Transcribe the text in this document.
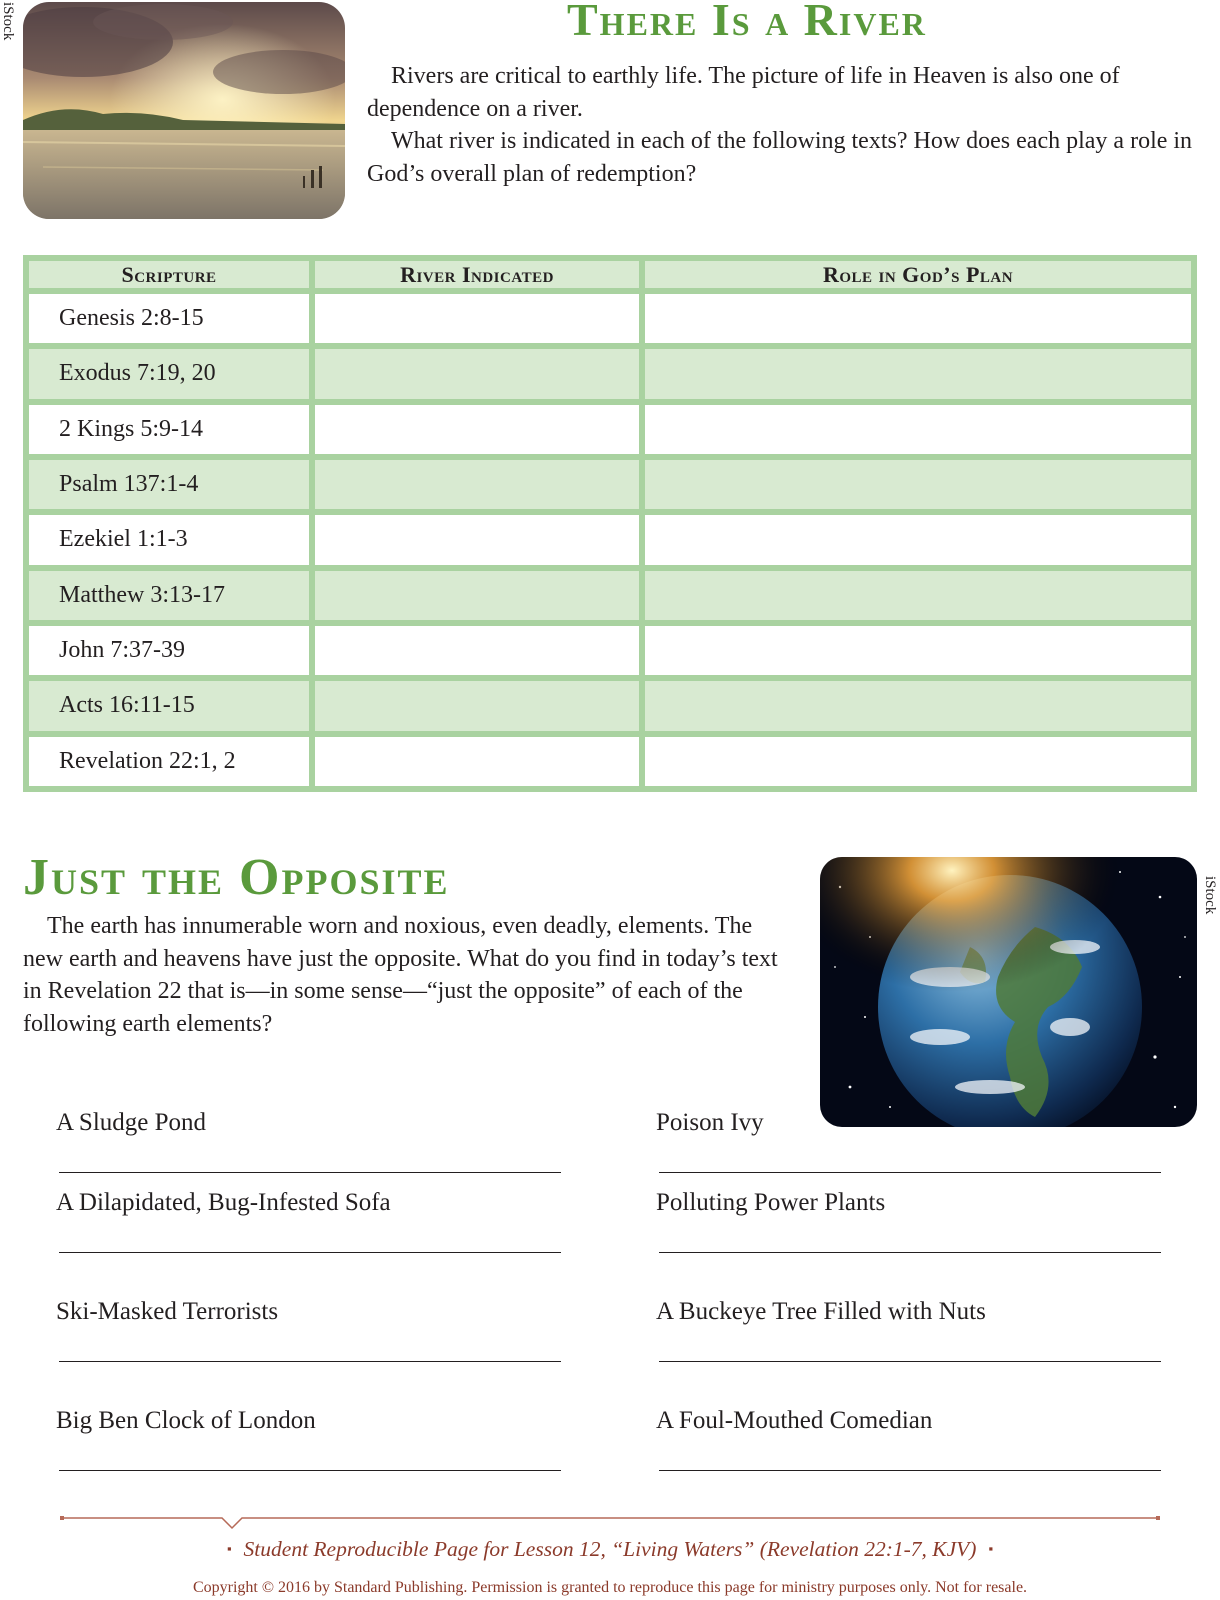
iStock	There Is a River

Rivers are critical to earthly life. The picture of life in Heaven is also one of dependence on a river.

What river is indicated in each of the following texts? How does each play a role in God’s overall plan of redemption?

Scripture	River Indicated	Role in God’s Plan
Genesis 2:8-15		
Exodus 7:19, 20		
2 Kings 5:9-14		
Psalm 137:1-4		
Ezekiel 1:1-3		
Matthew 3:13-17		
John 7:37-39		
Acts 16:11-15		
Revelation 22:1, 2		
Just the Opposite

The earth has innumerable worn and noxious, even deadly, elements. The new earth and heavens have just the opposite. What do you find in today’s text in Revelation 22 that is—in some sense—“just the opposite” of each of the following earth elements?

iStock
A Sludge Pond	Poison Ivy
A Dilapidated, Bug-Infested Sofa	Polluting Power Plants
Ski-Masked Terrorists	A Buckeye Tree Filled with Nuts
Big Ben Clock of London	A Foul-Mouthed Comedian
▪ Student Reproducible Page for Lesson 12, “Living Waters” (Revelation 22:1-7, KJV) ▪
Copyright © 2016 by Standard Publishing. Permission is granted to reproduce this page for ministry purposes only. Not for resale.
